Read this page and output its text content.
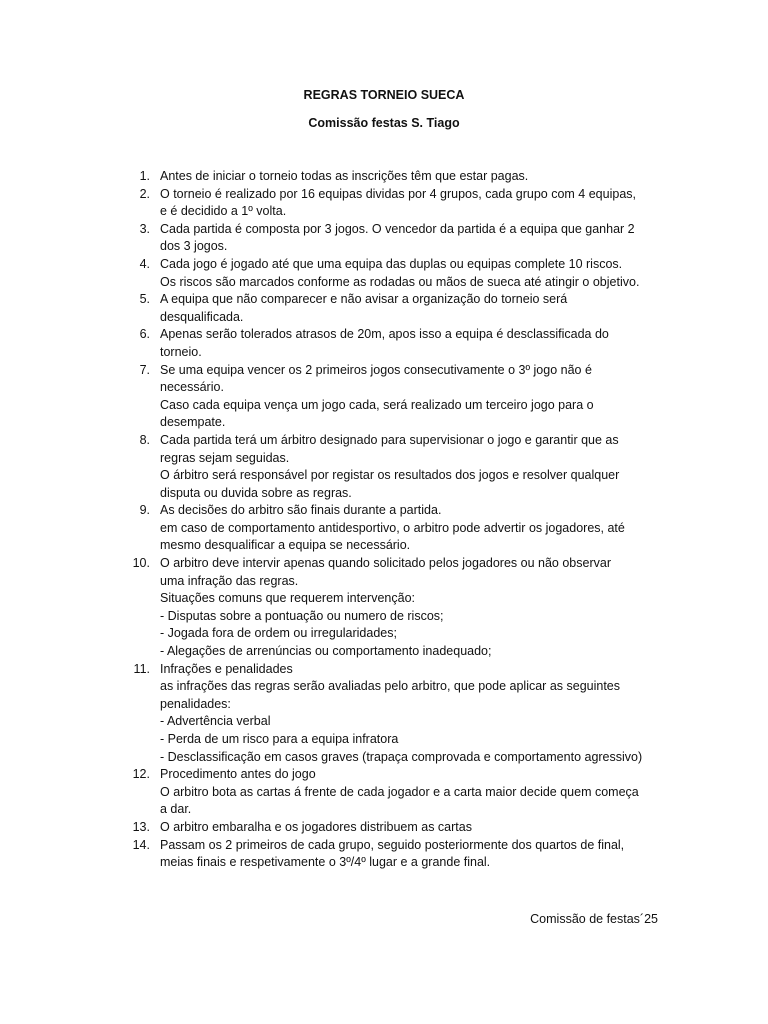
REGRAS TORNEIO SUECA
Comissão festas S. Tiago
1. Antes de iniciar o torneio todas as inscrições têm que estar pagas.
2. O torneio é realizado por 16 equipas dividas por 4 grupos, cada grupo com 4 equipas,
e é decidido a 1º volta.
3. Cada partida é composta por 3 jogos. O vencedor da partida é a equipa que ganhar 2
dos 3 jogos.
4. Cada jogo é jogado até que uma equipa das duplas ou equipas complete 10 riscos.
Os riscos são marcados conforme as rodadas ou mãos de sueca até atingir o objetivo.
5. A equipa que não comparecer e não avisar a organização do torneio será
desqualificada.
6. Apenas serão tolerados atrasos de 20m, apos isso a equipa é desclassificada do
torneio.
7. Se uma equipa vencer os 2 primeiros jogos consecutivamente o 3º jogo não é
necessário.
Caso cada equipa vença um jogo cada, será realizado um terceiro jogo para o
desempate.
8. Cada partida terá um árbitro designado para supervisionar o jogo e garantir que as
regras sejam seguidas.
O árbitro será responsável por registar os resultados dos jogos e resolver qualquer
disputa ou duvida sobre as regras.
9. As decisões do arbitro são finais durante a partida.
em caso de comportamento antidesportivo, o arbitro pode advertir os jogadores, até
mesmo desqualificar a equipa se necessário.
10. O arbitro deve intervir apenas quando solicitado pelos jogadores ou não observar
uma infração das regras.
Situações comuns que requerem intervenção:
- Disputas sobre a pontuação ou numero de riscos;
- Jogada fora de ordem ou irregularidades;
- Alegações de arrenúncias ou comportamento inadequado;
11. Infrações e penalidades
as infrações das regras serão avaliadas pelo arbitro, que pode aplicar as seguintes
penalidades:
- Advertência verbal
- Perda de um risco para a equipa infratora
- Desclassificação em casos graves (trapaça comprovada e comportamento agressivo)
12. Procedimento antes do jogo
O arbitro bota as cartas á frente de cada jogador e a carta maior decide quem começa
a dar.
13. O arbitro embaralha e os jogadores distribuem as cartas
14. Passam os 2 primeiros de cada grupo, seguido posteriormente dos quartos de final,
meias finais e respetivamente o 3º/4º lugar e a grande final.
Comissão de festas´25
